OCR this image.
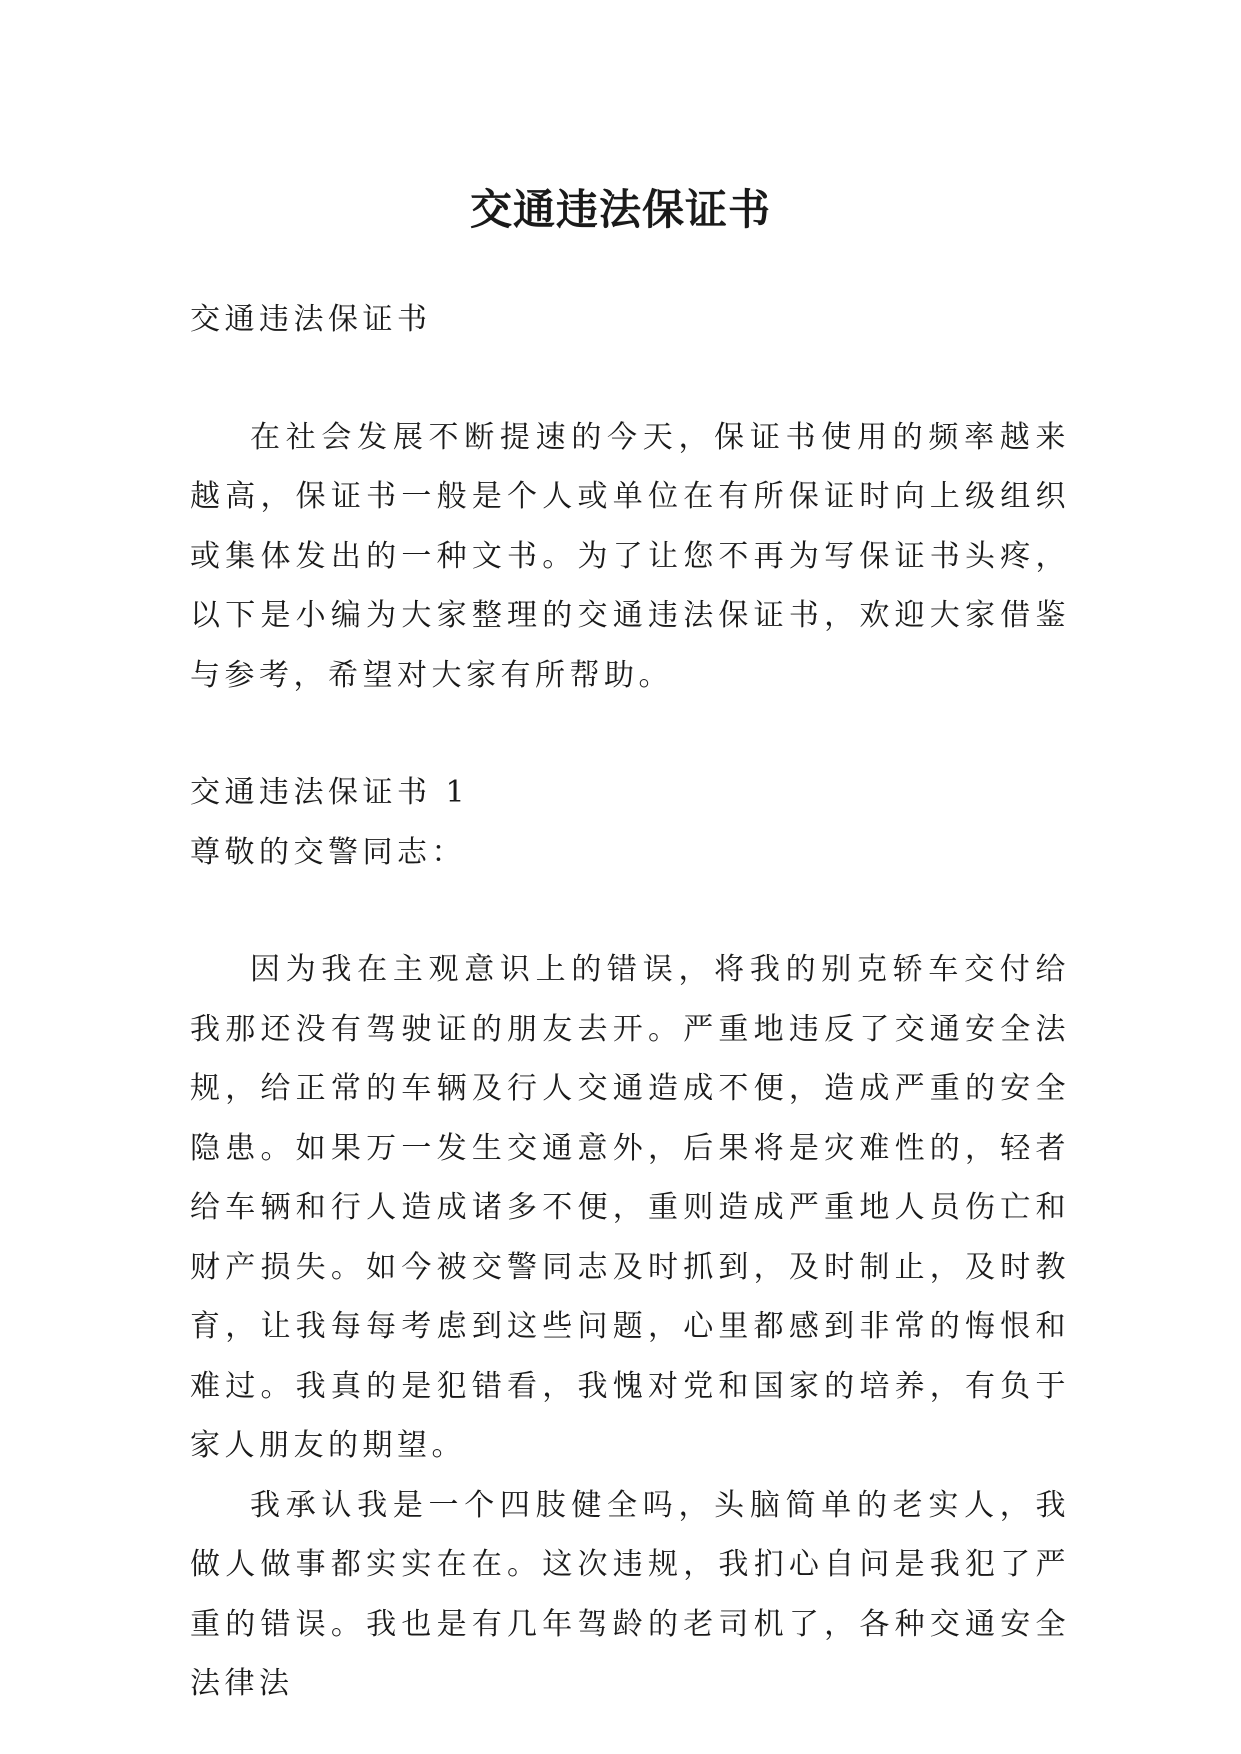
交通违法保证书

交通违法保证书

在社会发展不断提速的今天，保证书使用的频率越来越高，保证书一般是个人或单位在有所保证时向上级组织或集体发出的一种文书。为了让您不再为写保证书头疼，以下是小编为大家整理的交通违法保证书，欢迎大家借鉴与参考，希望对大家有所帮助。

交通违法保证书 1

尊敬的交警同志：

因为我在主观意识上的错误，将我的别克轿车交付给我那还没有驾驶证的朋友去开。严重地违反了交通安全法规，给正常的车辆及行人交通造成不便，造成严重的安全隐患。如果万一发生交通意外，后果将是灾难性的，轻者给车辆和行人造成诸多不便，重则造成严重地人员伤亡和财产损失。如今被交警同志及时抓到，及时制止，及时教育，让我每每考虑到这些问题，心里都感到非常的悔恨和难过。我真的是犯错看，我愧对党和国家的培养，有负于家人朋友的期望。

我承认我是一个四肢健全吗，头脑简单的老实人，我做人做事都实实在在。这次违规，我扪心自问是我犯了严重的错误。我也是有几年驾龄的老司机了，各种交通安全法律法
